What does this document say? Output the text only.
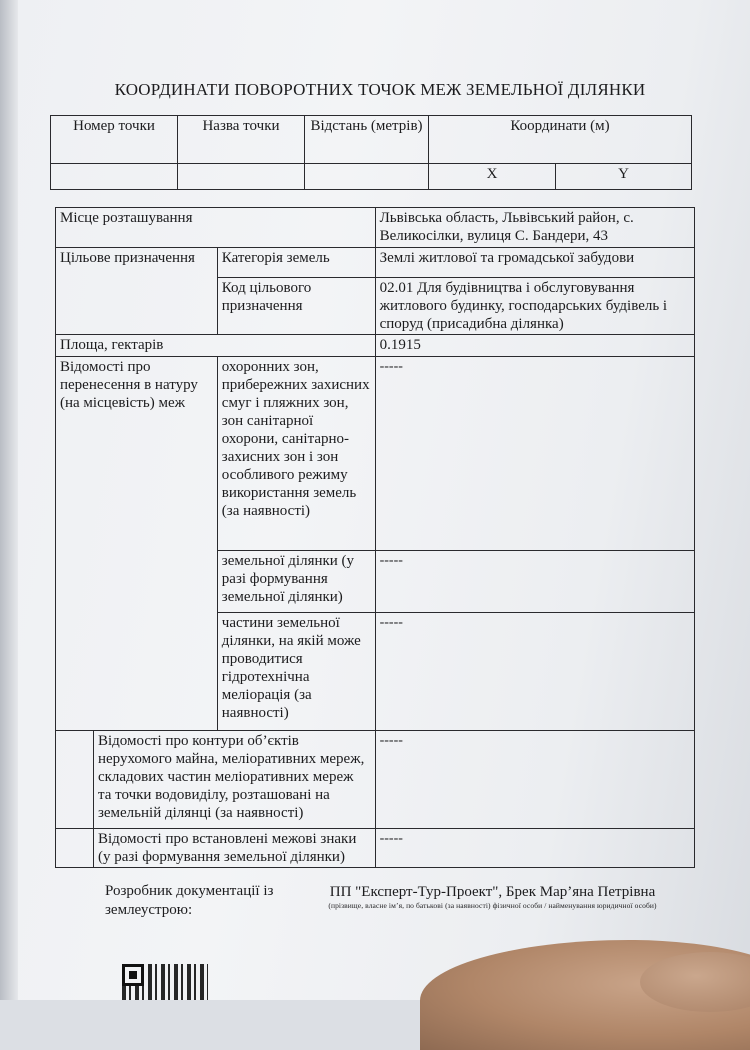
КООРДИНАТИ ПОВОРОТНИХ ТОЧОК МЕЖ ЗЕМЕЛЬНОЇ ДІЛЯНКИ
Номер точки	Назва точки	Відстань (метрів)	Координати (м)	
			X	Y
Місце розташування			Львівська область, Львівський район, с. Великосілки, вулиця С. Бандери, 43
Цільове призначення		Категорія земель	Землі житлової та громадської забудови
		Код цільового призначення	02.01 Для будівництва і обслуговування житлового будинку, господарських будівель і споруд (присадибна ділянка)
Площа, гектарів			0.1915
Відомості про перенесення в натуру (на місцевість) меж		охоронних зон, прибережних захисних смуг і пляжних зон, зон санітарної охорони, санітарно-захисних зон і зон особливого режиму використання земель (за наявності)	-----
		земельної ділянки (у разі формування земельної ділянки)	-----
		частини земельної ділянки, на якій може проводитися гідротехнічна меліорація (за наявності)	-----
	Відомості про контури об’єктів нерухомого майна, меліоративних мереж, складових частин меліоративних мереж та точки водовиділу, розташовані на земельній ділянці (за наявності)		-----
	Відомості про встановлені межові знаки (у разі формування земельної ділянки)		-----
Розробник документації із землеустрою:
ПП "Експерт-Тур-Проект", Брек Мар’яна Петрівна
(прізвище, власне ім’я, по батькові (за наявності) фізичної особи / найменування юридичної особи)
